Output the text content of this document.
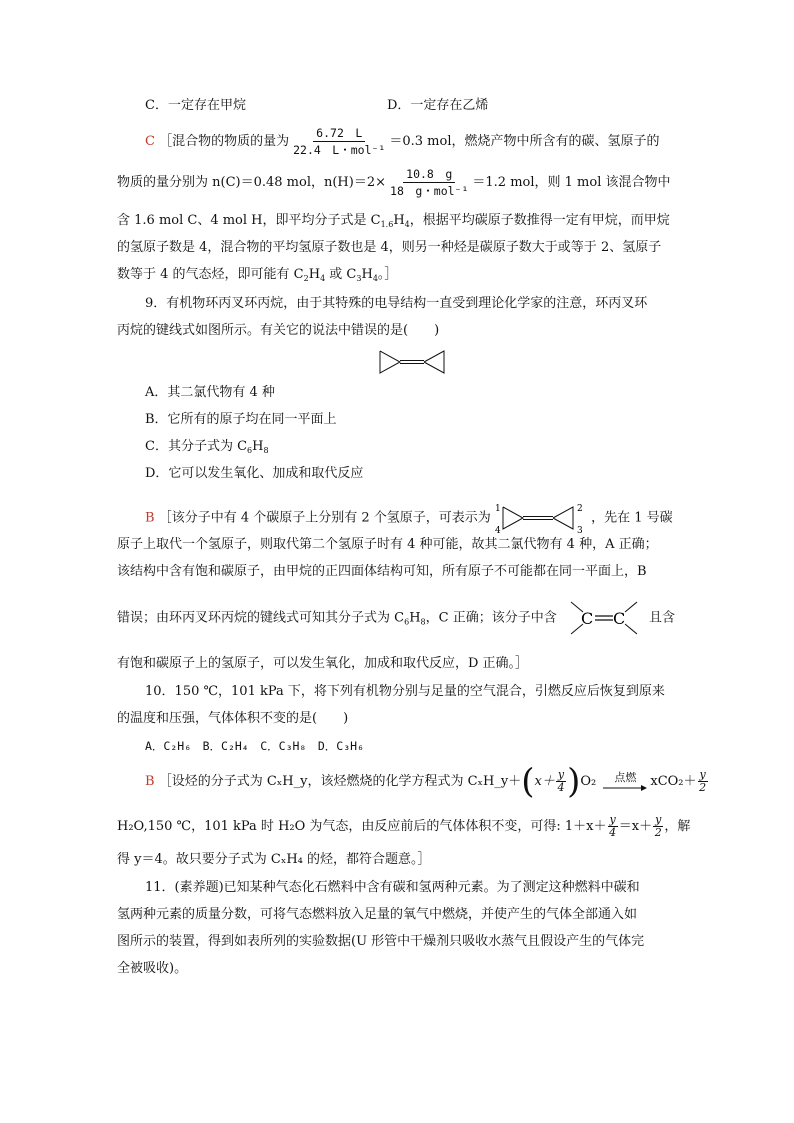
C．一定存在甲烷	D．一定存在乙烯
C ［混合物的物质的量为 $\frac{6.72 L}{\text{22.4　L・mol⁻¹}} =0.3$ mol，燃烧产物中所含有的碳、氢原子的
物质的量分别为 n(C)＝0.48 mol，$n(H)=2\times \frac{10.8 g}{\text{18　g・mol⁻¹}} =1.2$ mol，则 1 mol 该混合物中
含 1.6 mol C、4 mol H，即平均分子式是 $C_{1.6}H_4$，根据平均碳原子数推得一定有甲烷，而甲烷
的氢原子数是 4，混合物的平均氢原子数也是 4，则另一种烃是碳原子数大于或等于 2、氢原子
数等于 4 的气态烃，即可能有 $C_2H_4$ 或 $C_3H_4$。］
9．有机物环丙叉环丙烷，由于其特殊的电导结构一直受到理论化学家的注意，环丙叉环
丙烷的键线式如图所示。有关它的说法中错误的是(　　)
A．其二氯代物有 4 种
B．它所有的原子均在同一平面上
C．其分子式为 $C_6H_8$
D．它可以发生氧化、加成和取代反应
B ［该分子中有 4 个碳原子上分别有 2 个氢原子，可表示为
1
4
2
3
，先在 1 号碳
原子上取代一个氢原子，则取代第二个氢原子时有 4 种可能，故其二氯代物有 4 种，A 正确；
该结构中含有饱和碳原子，由甲烷的正四面体结构可知，所有原子不可能都在同一平面上，B
错误；由环丙叉环丙烷的键线式可知其分子式为 $C_6H_8$，C 正确；该分子中含 C C 且含
有饱和碳原子上的氢原子，可以发生氧化，加成和取代反应，D 正确。］
10．150 ℃，101 kPa 下，将下列有机物分别与足量的空气混合，引燃反应后恢复到原来
的温度和压强，气体体积不变的是(　　)
A．C₂H₆　B．C₂H₄　C．C₃H₈　D．C₃H₆
B ［设烃的分子式为 CₓH_y，该烃燃烧的化学方程式为 CₓH_y＋(x＋ $\frac{y}{4} )O_2$ 点燃 $xCO_2+ \frac{y}{2}$
H₂O,150 ℃，101 kPa 时 H₂O 为气态，由反应前后的气体体积不变，可得: $1+x+ \frac{y}{4} =x+ \frac{y}{2}$ ，解
得 y＝4。故只要分子式为 CₓH₄ 的烃，都符合题意。］
11．(素养题)已知某种气态化石燃料中含有碳和氢两种元素。为了测定这种燃料中碳和
氢两种元素的质量分数，可将气态燃料放入足量的氧气中燃烧，并使产生的气体全部通入如
图所示的装置，得到如表所列的实验数据(U 形管中干燥剂只吸收水蒸气且假设产生的气体完
全被吸收)。
